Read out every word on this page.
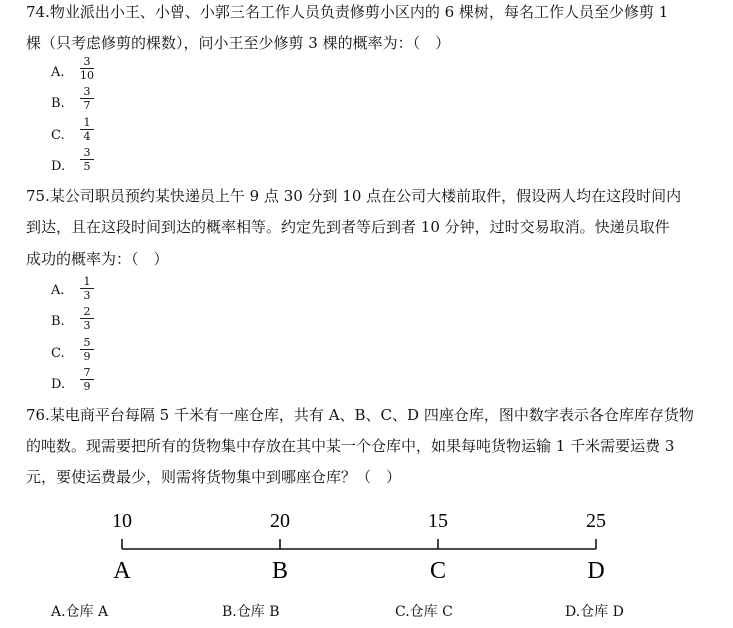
74.物业派出小王、小曾、小郭三名工作人员负责修剪小区内的 6 棵树，每名工作人员至少修剪 1
棵（只考虑修剪的棵数），问小王至少修剪 3 棵的概率为：（　）
A.
3
10
B.
3
7
C.
1
4
D.
3
5
75.某公司职员预约某快递员上午 9 点 30 分到 10 点在公司大楼前取件，假设两人均在这段时间内
到达，且在这段时间到达的概率相等。约定先到者等后到者 10 分钟，过时交易取消。快递员取件
成功的概率为：（　）
A.
1
3
B.
2
3
C.
5
9
D.
7
9
76.某电商平台每隔 5 千米有一座仓库，共有 A、B、C、D 四座仓库，图中数字表示各仓库库存货物
的吨数。现需要把所有的货物集中存放在其中某一个仓库中，如果每吨货物运输 1 千米需要运费 3
元，要使运费最少，则需将货物集中到哪座仓库？（　）
10	20	15	25
A	B	C	D
A.仓库 A	B.仓库 B	C.仓库 C	D.仓库 D
